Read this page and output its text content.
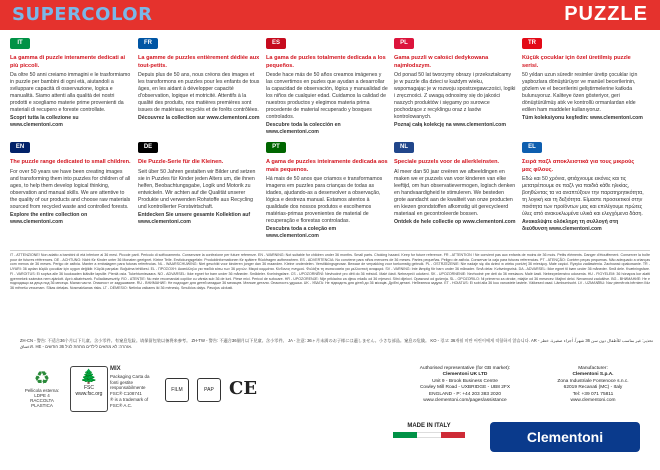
SUPERCOLOR	PUZZLE
IT
La gamma di puzzle interamente dedicati ai più piccoli.
Da oltre 50 anni creiamo immagini e le trasformiamo in puzzle per bambini di ogni età, aiutandoli a sviluppare capacità di osservazione, logica e manualità. Siamo attenti alla qualità dei nostri prodotti e scegliamo materie prime provenienti da materiali di recupero e foreste controllate.
Scopri tutta la collezione su www.clementoni.com
FR
La gamme de puzzles entièrement dédiée aux tout-petits.
Depuis plus de 50 ans, nous créons des images et les transformons en puzzles pour les enfants de tous âges, en les aidant à développer capacité d'observation, logique et motricité. Attentifs à la qualité des produits, nos matières premières sont issues de matériaux recyclés et de forêts contrôlées.
Découvrez la collection sur www.clementoni.com
ES
La gama de puzles totalmente dedicada a los pequeños.
Desde hace más de 50 años creamos imágenes y las convertimos en puzles que ayudan a desarrollar la capacidad de observación, lógica y manualidad de los niños de cualquier edad. Cuidamos la calidad de nuestros productos y elegimos materia prima procedente de material recuperado y bosques controlados.
Descubre toda la colección en www.clementoni.com
PL
Gama puzzli w całości dedykowana najmłodszym.
Od ponad 50 lat tworzymy obrazy i przekształcamy je w puzzle dla dzieci w każdym wieku, wspomagając je w rozwoju spostrzegawczości, logiki i zręczności. Z uwagą odnosimy się do jakości naszych produktów i sięgamy po surowce pochodzące z recyklingu oraz z lasów kontrolowanych.
Poznaj całą kolekcję na www.clementoni.com
TR
Küçük çocuklar için özel üretilmiş puzzle serisi.
50 yıldan uzun süredir resimler üretip çocuklar için yapbozlara dönüştürüyor ve manüel becerilerinin, gözlem ve el becerilerini geliştirmelerine katkıda bulunuyoruz. Kaliteye özen gösteriyor, geri dönüştürülmüş atık ve kontrollü ormanlardan elde edilen ham maddeler kullanıyoruz.
Tüm koleksiyonu keşfedin: www.clementoni.com
EN
The puzzle range dedicated to small children.
For over 50 years we have been creating images and transforming them into puzzles for children of all ages, to help them develop logical thinking, observation and manual skills. We are attentive to the quality of our products and choose raw materials sourced from recycled waste and controlled forests.
Explore the entire collection on www.clementoni.com
DE
Die Puzzle-Serie für die Kleinen.
Seit über 50 Jahren gestalten wir Bilder und setzen sie in Puzzles für Kinder jeden Alters um, die ihnen helfen, Beobachtungsgabe, Logik und Motorik zu entwickeln. Wir achten auf die Qualität unserer Produkte und verwenden Rohstoffe aus Recycling und kontrollierter Forstwirtschaft.
Entdecken Sie unsere gesamte Kollektion auf www.clementoni.com
PT
A gama de puzzles inteiramente dedicada aos mais pequenos.
Há mais de 50 anos que criamos e transformamos imagens em puzzles para crianças de todas as idades, ajudando-as a desenvolver a observação, lógica e destreza manual. Estamos atentos à qualidade dos nossos produtos e escolhemos matérias-primas provenientes de material de recuperação e florestas controladas.
Descubra toda a coleção em www.clementoni.com
NL
Speciale puzzels voor de allerkleinsten.
Al meer dan 50 jaar creëren we afbeeldingen en maken we er puzzels van voor kinderen van elke leeftijd, om hun observatievermogen, logisch denken en handvaardigheid te stimuleren. We besteden grote aandacht aan de kwaliteit van onze producten en kiezen grondstoffen afkomstig uit gerecycleerd materiaal en gecontroleerde bossen.
Ontdek de hele collectie op www.clementoni.com
EL
Σειρά παζλ αποκλειστικά για τους μικρούς μας φίλους.
Εδώ και 50 χρόνια, φτιάχνουμε εικόνες και τις μετατρέπουμε σε παζλ για παιδιά κάθε ηλικίας, βοηθώντας τα να αναπτύξουν την παρατηρητικότητα, τη λογική και τη δεξιότητα. Είμαστε προσεκτικοί στην ποιότητα των προϊόντων μας και επιλέγουμε πρώτες ύλες από ανακυκλωμένα υλικά και ελεγχόμενα δάση.
Ανακαλύψτε ολόκληρη τη συλλογή στη διεύθυνση www.clementoni.com
IT - ATTENZIONE! Non adatto a bambini di età inferiore ai 36 mesi. Piccole parti. Pericolo di soffocamento. Conservare la confezione per future referenze. EN - WARNING: Not suitable for children under 36 months. Small parts. Choking hazard. Keep for future reference. FR - ATTENTION ! Ne convient pas aux enfants de moins de 36 mois. Petits éléments. Danger d'étouffement. Conserver la boîte pour de futures références. DE - ACHTUNG: Nicht für Kinder unter 36 Monaten geeignet. Kleine Teile. Erstickungsgefahr. Produktinformationen für spätere Rückfragen aufbewahren. ES - ADVERTENCIA: No conviene para niños menores de 36 meses. Partes pequeñas. Peligro de asfixia. Conservar la caja para futuras referencias. PT - ATENÇÃO: Contém peças pequenas. Não adequado a crianças com menos de 36 meses. Perigo de asfixia. Manter a embalagem para futuras referências. NL - WAARSCHUWING: Niet geschikt voor kinderen jonger dan 36 maanden. Kleine onderdelen. Verstikkingsgevaar. Bewaar de verpakking voor toekomstig gebruik. PL - OSTRZEŻENIE: Nie nadaje się dla dzieci w wieku poniżej 36 miesięcy. Małe części. Ryzyko zadławienia. Zachować opakowanie. TR - UYARI: 36 aydan küçük çocuklar için uygun değildir. Küçük parçalar. Boğulma tehlikesi. EL - ΠΡΟΣΟΧΗ: Ακατάλληλο για παιδιά κάτω των 36 μηνών. Μικρά κομμάτια. Κίνδυνος πνιγμού. Φυλάξτε τη συσκευασία για μελλοντική αναφορά. SV - VARNING: Inte lämplig för barn under 36 månader. Små delar. Kvävningsrisk. DA - ADVARSEL: Ikke egnet til børn under 36 måneder. Små dele. Kvælningsfare. FI - VAROITUS: Ei sopiva alle 36 kuukauden ikäisille lapsille. Pieniä osia. Tukehtumisvaara. NO - ADVARSEL: Ikke egnet for barn under 36 måneder. Smådeler. Kvelningsfare. CS - UPOZORNĚNÍ: Nevhodné pro děti do 36 měsíců. Malé části. Nebezpečí udušení. SK - UPOZORNENIE: Nevhodné pre deti do 36 mesiacov. Malé časti. Nebezpečenstvo udusenia. HU - FIGYELEM: 36 hónapos kor alatti gyermekek számára nem ajánlott. Apró alkatrészek. Fulladásveszély. RO - ATENȚIE: Nu este recomandat copiilor cu vârsta sub 36 de luni. Piese mici. Pericol de sufocare. HR - UPOZORENJE: Nije prikladno za djecu mlađu od 36 mjeseci. Sitni dijelovi. Opasnost od gušenja. SL - OPOZORILO: Ni primerno za otroke, mlajše od 36 mesecev. Majhni delci. Nevarnost zadušitve. BG - ВНИМАНИЕ: Не е подходящо за деца под 36 месеца. Малки части. Опасност от задушаване. RU - ВНИМАНИЕ: Не подходит для детей младше 36 месяцев. Мелкие детали. Опасность удушья. UK - УВАГА: Не підходить для дітей до 36 місяців. Дрібні деталі. Небезпека задухи. ET - HOIATUS: Ei sobi alla 36 kuu vanustele lastele. Väikesed osad. Lämbumisoht. LV - UZMANĪBU: Nav piemērots bērniem līdz 36 mēnešu vecumam. Sīkas detaļas. Nosmakšanas risks. LT - DĖMESIO: Netinka vaikams iki 36 mėnesių. Smulkios dalys. Pavojus uždusti.
ZH-CN - 警告: 不适合36个月以下儿童。含小零件。有窒息危险。请保留包装以备将来参考。 ZH-TW - 警告: 不適合36個月以下兒童。含小零件。 JA - 注意: 36ヶ月未満のお子様には適しません。小さな部品。窒息の危険。 KO - 경고: 36개월 미만 어린이에게 적합하지 않습니다. AR - تحذير: غير مناسب للأطفال دون سن 36 شهراً. أجزاء صغيرة. خطر الاختناق. HE - אזהרה: לא מתאים לילדים מתחת לגיל 36 חודשים.
♻
Pellicola esterna: LDPE 4 RACCOLTA PLASTICA
🌲
FSC
www.fsc.org
MIX
Packaging Carta da fonti gestite responsabilmente FSC® C108741
® is a trademark of FSC® A.C.
FILM	PAP CE
Authorised representative (for GB market):
Clementoni UK LTD
Unit 9 - Brook Business Centre
Cowley Mill Road - UXBRIDGE - UB8 2FX
ENGLAND - P: +44 203 383 2020
www.clementoni.com/pages/assistance
Manufacturer:
Clementoni S.p.A.
Zona Industriale Fontenoce s.n.c.
62019 Recanati (MC) - Italy
Tel: +39 071 75811
www.clementoni.com
MADE IN ITALY
Clementoni
